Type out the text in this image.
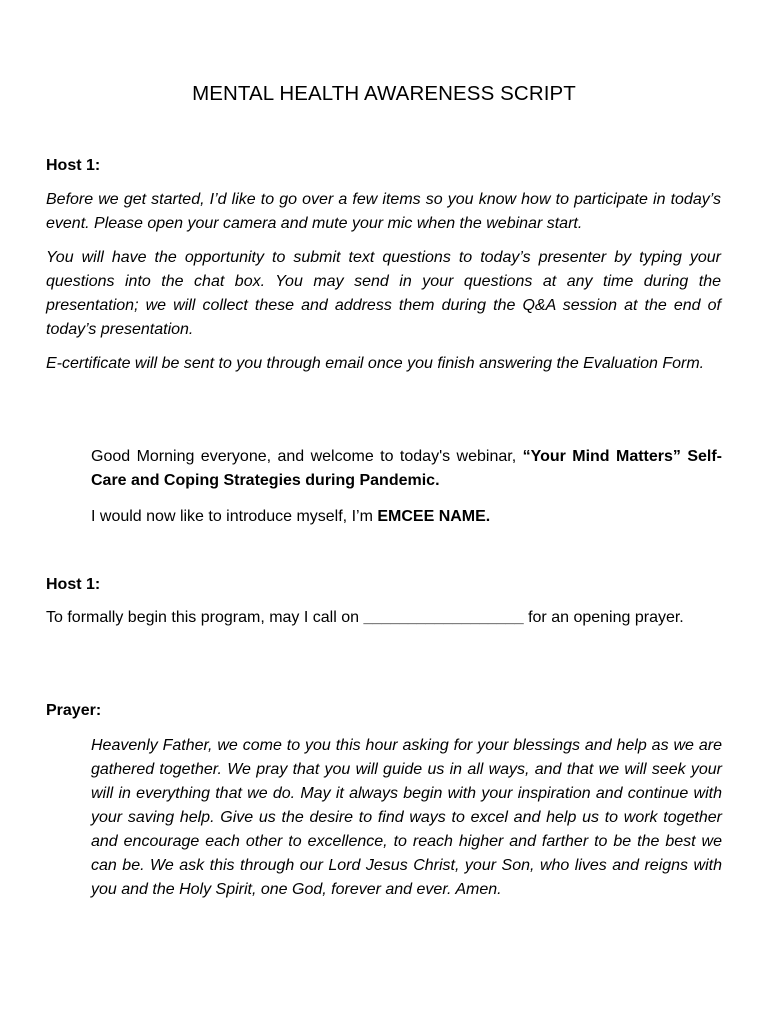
MENTAL HEALTH AWARENESS SCRIPT
Host 1:

Before we get started, I’d like to go over a few items so you know how to participate in today’s event. Please open your camera and mute your mic when the webinar start.

You will have the opportunity to submit text questions to today’s presenter by typing your questions into the chat box. You may send in your questions at any time during the presentation; we will collect these and address them during the Q&A session at the end of today’s presentation.

E-certificate will be sent to you through email once you finish answering the Evaluation Form.

Good Morning everyone, and welcome to today's webinar, “Your Mind Matters” Self-Care and Coping Strategies during Pandemic.

I would now like to introduce myself, I’m EMCEE NAME.

Host 1:

To formally begin this program, may I call on __________________ for an opening prayer.

Prayer:

Heavenly Father, we come to you this hour asking for your blessings and help as we are gathered together. We pray that you will guide us in all ways, and that we will seek your will in everything that we do. May it always begin with your inspiration and continue with your saving help. Give us the desire to find ways to excel and help us to work together and encourage each other to excellence, to reach higher and farther to be the best we can be. We ask this through our Lord Jesus Christ, your Son, who lives and reigns with you and the Holy Spirit, one God, forever and ever. Amen.
